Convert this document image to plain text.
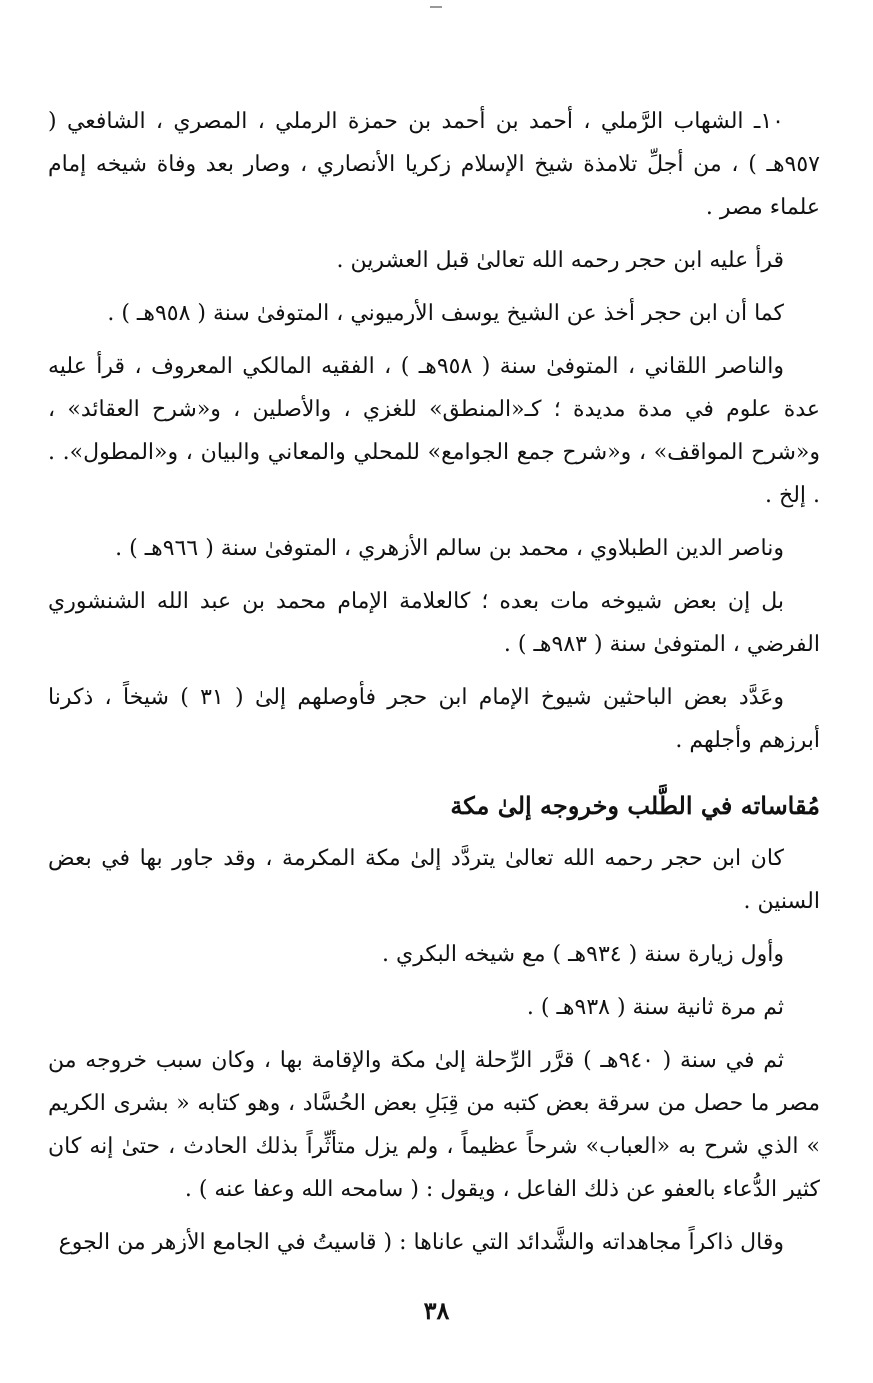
١٠ـ الشهاب الرَّملي ، أحمد بن أحمد بن حمزة الرملي ، المصري ، الشافعي ( ٩٥٧هـ ) ، من أجلِّ تلامذة شيخ الإسلام زكريا الأنصاري ، وصار بعد وفاة شيخه إمام علماء مصر .

قرأ عليه ابن حجر رحمه الله تعالىٰ قبل العشرين .

كما أن ابن حجر أخذ عن الشيخ يوسف الأرميوني ، المتوفىٰ سنة ( ٩٥٨هـ ) .

والناصر اللقاني ، المتوفىٰ سنة ( ٩٥٨هـ ) ، الفقيه المالكي المعروف ، قرأ عليه عدة علوم في مدة مديدة ؛ كـ«المنطق» للغزي ، والأصلين ، و«شرح العقائد» ، و«شرح المواقف» ، و«شرح جمع الجوامع» للمحلي والمعاني والبيان ، و«المطول». . . إلخ .

وناصر الدين الطبلاوي ، محمد بن سالم الأزهري ، المتوفىٰ سنة ( ٩٦٦هـ ) .

بل إن بعض شيوخه مات بعده ؛ كالعلامة الإمام محمد بن عبد الله الشنشوري الفرضي ، المتوفىٰ سنة ( ٩٨٣هـ ) .

وعَدَّد بعض الباحثين شيوخ الإمام ابن حجر فأوصلهم إلىٰ ( ٣١ ) شيخاً ، ذكرنا أبرزهم وأجلهم .

مُقاساته في الطَّلب وخروجه إلىٰ مكة

كان ابن حجر رحمه الله تعالىٰ يتردَّد إلىٰ مكة المكرمة ، وقد جاور بها في بعض السنين .

وأول زيارة سنة ( ٩٣٤هـ ) مع شيخه البكري .

ثم مرة ثانية سنة ( ٩٣٨هـ ) .

ثم في سنة ( ٩٤٠هـ ) قرَّر الرِّحلة إلىٰ مكة والإقامة بها ، وكان سبب خروجه من مصر ما حصل من سرقة بعض كتبه من قِبَلِ بعض الحُسَّاد ، وهو كتابه « بشرى الكريم » الذي شرح به «العباب» شرحاً عظيماً ، ولم يزل متأثِّراً بذلك الحادث ، حتىٰ إنه كان كثير الدُّعاء بالعفو عن ذلك الفاعل ، ويقول : ( سامحه الله وعفا عنه ) .

وقال ذاكراً مجاهداته والشَّدائد التي عاناها : ( قاسيتُ في الجامع الأزهر من الجوع

٣٨
